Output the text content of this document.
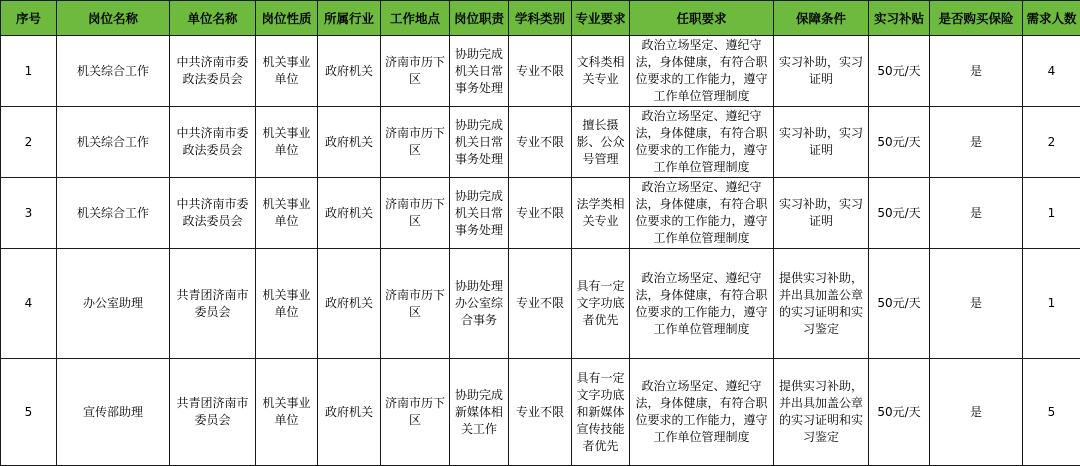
序号	岗位名称	单位名称	岗位性质	所属行业	工作地点	岗位职责	学科类别	专业要求	任职要求	保障条件	实习补贴	是否购买保险	需求人数
1	机关综合工作	中共济南市委政法委员会	机关事业单位	政府机关	济南市历下区	协助完成机关日常事务处理	专业不限	文科类相关专业	政治立场坚定、遵纪守法，身体健康，有符合职位要求的工作能力，遵守工作单位管理制度	实习补助，实习证明	50元/天	是	4
2	机关综合工作	中共济南市委政法委员会	机关事业单位	政府机关	济南市历下区	协助完成机关日常事务处理	专业不限	擅长摄影、公众号管理	政治立场坚定、遵纪守法，身体健康，有符合职位要求的工作能力，遵守工作单位管理制度	实习补助，实习证明	50元/天	是	2
3	机关综合工作	中共济南市委政法委员会	机关事业单位	政府机关	济南市历下区	协助完成机关日常事务处理	专业不限	法学类相关专业	政治立场坚定、遵纪守法，身体健康，有符合职位要求的工作能力，遵守工作单位管理制度	实习补助，实习证明	50元/天	是	1
4	办公室助理	共青团济南市委员会	机关事业单位	政府机关	济南市历下区	协助处理办公室综合事务	专业不限	具有一定文字功底者优先	政治立场坚定、遵纪守法，身体健康，有符合职位要求的工作能力，遵守工作单位管理制度	提供实习补助，并出具加盖公章的实习证明和实习鉴定	50元/天	是	1
5	宣传部助理	共青团济南市委员会	机关事业单位	政府机关	济南市历下区	协助完成新媒体相关工作	专业不限	具有一定文字功底和新媒体宣传技能者优先	政治立场坚定、遵纪守法，身体健康，有符合职位要求的工作能力，遵守工作单位管理制度	提供实习补助，并出具加盖公章的实习证明和实习鉴定	50元/天	是	5
